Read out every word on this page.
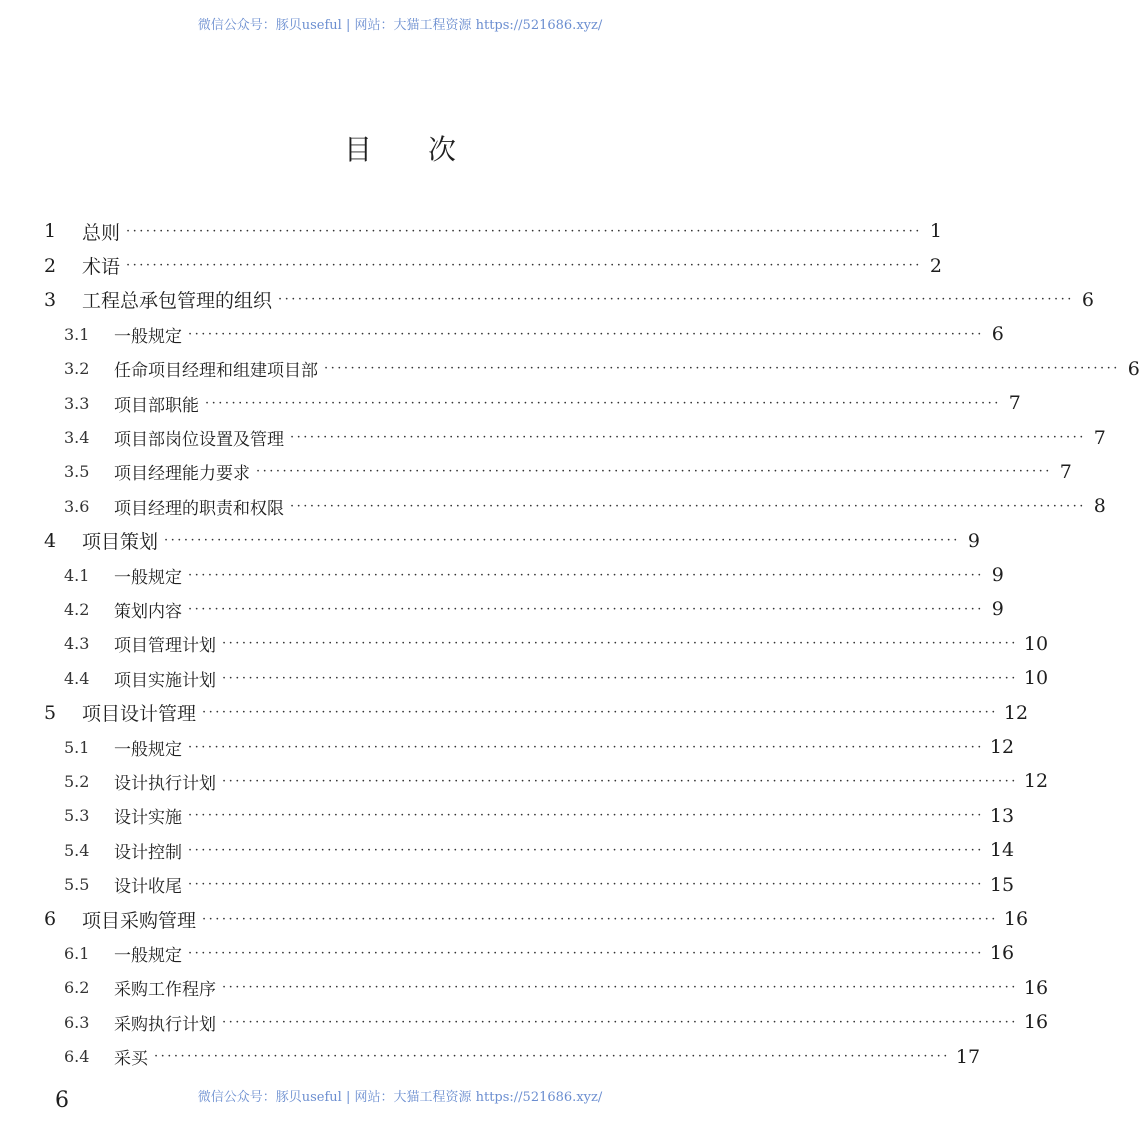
微信公众号：豚贝useful | 网站：大猫工程资源 https://521686.xyz/
目次
1	总则 ························································································································ 1
2	术语 ························································································································ 2
3	工程总承包管理的组织 ························································································································ 6
3.1	一般规定 ························································································································ 6
3.2	任命项目经理和组建项目部 ························································································································ 6
3.3	项目部职能 ························································································································ 7
3.4	项目部岗位设置及管理 ························································································································ 7
3.5	项目经理能力要求 ························································································································ 7
3.6	项目经理的职责和权限 ························································································································ 8
4	项目策划 ························································································································ 9
4.1	一般规定 ························································································································ 9
4.2	策划内容 ························································································································ 9
4.3	项目管理计划 ························································································································ 10
4.4	项目实施计划 ························································································································ 10
5	项目设计管理 ························································································································ 12
5.1	一般规定 ························································································································ 12
5.2	设计执行计划 ························································································································ 12
5.3	设计实施 ························································································································ 13
5.4	设计控制 ························································································································ 14
5.5	设计收尾 ························································································································ 15
6	项目采购管理 ························································································································ 16
6.1	一般规定 ························································································································ 16
6.2	采购工作程序 ························································································································ 16
6.3	采购执行计划 ························································································································ 16
6.4	采买 ························································································································ 17
6	微信公众号：豚贝useful | 网站：大猫工程资源 https://521686.xyz/
